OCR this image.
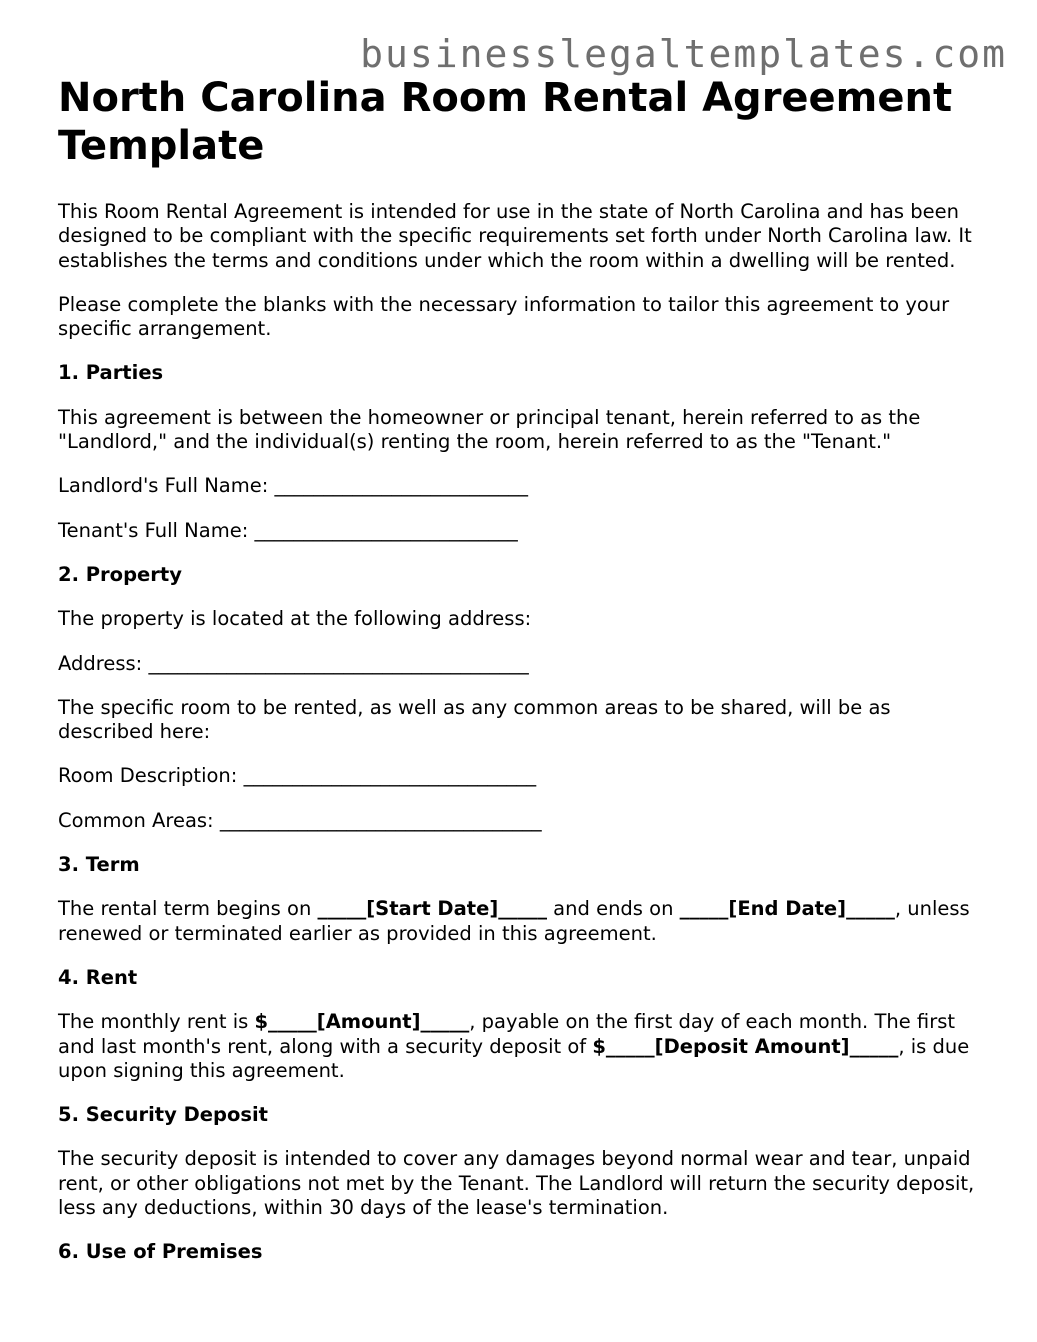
businesslegaltemplates.com
North Carolina Room Rental Agreement Template

This Room Rental Agreement is intended for use in the state of North Carolina and has been designed to be compliant with the specific requirements set forth under North Carolina law. It establishes the terms and conditions under which the room within a dwelling will be rented.

Please complete the blanks with the necessary information to tailor this agreement to your specific arrangement.

1. Parties

This agreement is between the homeowner or principal tenant, herein referred to as the "Landlord," and the individual(s) renting the room, herein referred to as the "Tenant."

Landlord's Full Name: __________________________

Tenant's Full Name: ___________________________

2. Property

The property is located at the following address:

Address: _______________________________________

The specific room to be rented, as well as any common areas to be shared, will be as described here:

Room Description: ______________________________

Common Areas: _________________________________

3. Term

The rental term begins on _____[Start Date]_____ and ends on _____[End Date]_____, unless renewed or terminated earlier as provided in this agreement.

4. Rent

The monthly rent is $_____[Amount]_____, payable on the first day of each month. The first and last month's rent, along with a security deposit of $_____[Deposit Amount]_____, is due upon signing this agreement.

5. Security Deposit

The security deposit is intended to cover any damages beyond normal wear and tear, unpaid rent, or other obligations not met by the Tenant. The Landlord will return the security deposit, less any deductions, within 30 days of the lease's termination.

6. Use of Premises
